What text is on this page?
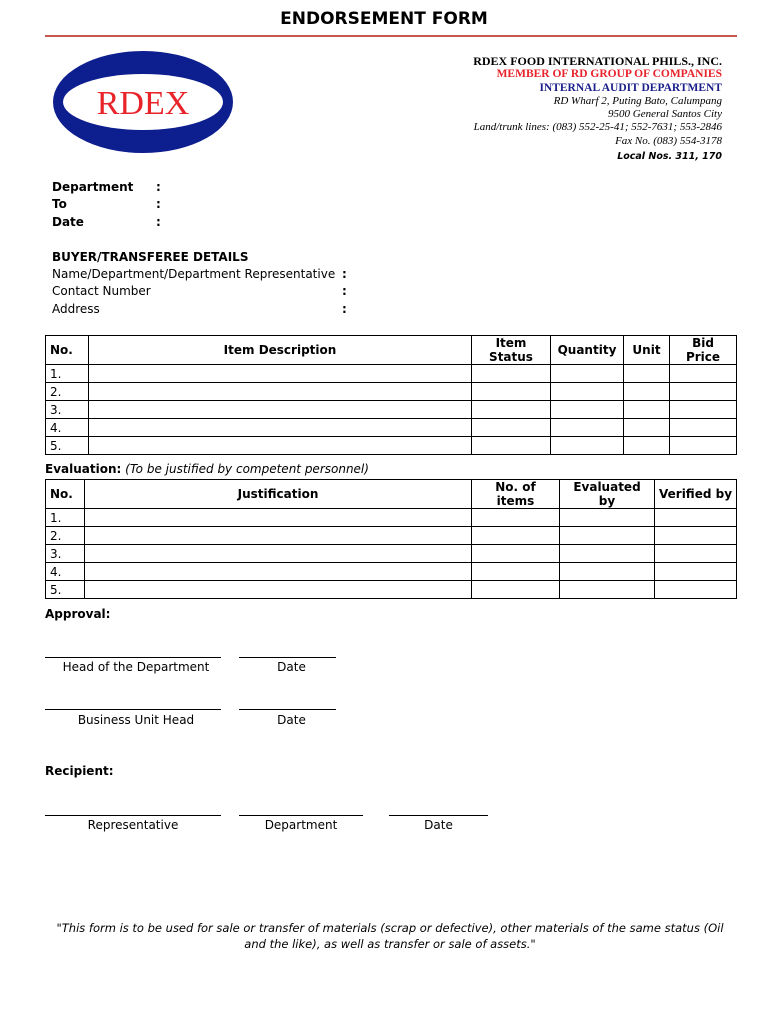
ENDORSEMENT FORM
RDEX
RDEX FOOD INTERNATIONAL PHILS., INC.
MEMBER OF RD GROUP OF COMPANIES
INTERNAL AUDIT DEPARTMENT
RD Wharf 2, Puting Bato, Calumpang
9500 General Santos City
Land/trunk lines: (083) 552-25-41; 552-7631; 553-2846
Fax No. (083) 554-3178
Local Nos. 311, 170
Department :
To	:
Date	:
BUYER/TRANSFEREE DETAILS
Name/Department/Department Representative :
Contact Number	:
Address	:
No.	Item Description	Item Status	Quantity	Unit	Bid Price
1.					
2.					
3.					
4.					
5.					
Evaluation: (To be justified by competent personnel)
No.	Justification	No. of items	Evaluated by	Verified by
1.				
2.				
3.				
4.				
5.				
Approval:
Head of the Department	Date
Business Unit Head	Date
Recipient:
Representative	Department	Date
"This form is to be used for sale or transfer of materials (scrap or defective), other materials of the same status (Oil and the like), as well as transfer or sale of assets."
